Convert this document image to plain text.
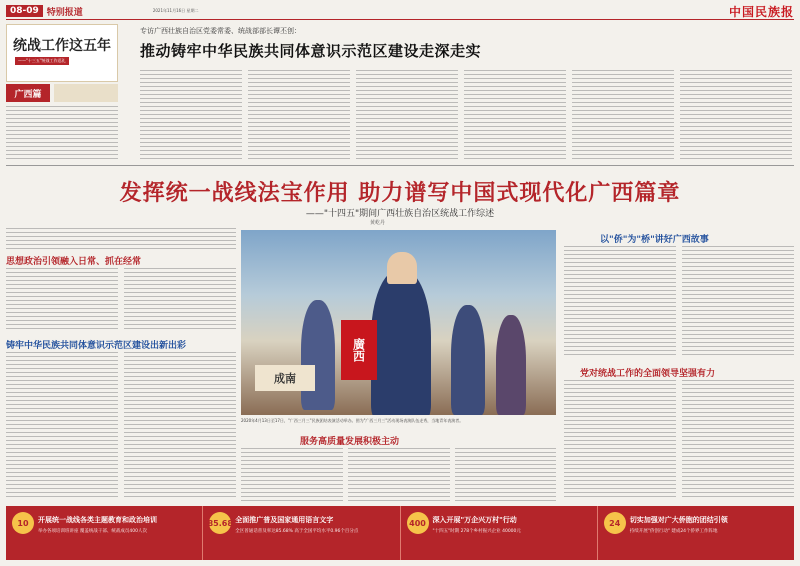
08-09 特别报道	2021年11月16日 星期二	中国民族报
统战工作这五年
——"十三五"统战工作巡礼
广西篇
专访广西壮族自治区党委常委、统战部部长谭丕创：
推动铸牢中华民族共同体意识示范区建设走深走实
发挥统一战线法宝作用 助力谱写中国式现代化广西篇章
——"十四五"期间广西壮族自治区统战工作综述
黄屹丹
思想政治引领融入日常、抓在经常
铸牢中华民族共同体意识示范区建设出新出彩	廣西
成南
2020年4月13日至17日，"广西三月三"民族团结表演活动举办。图为"广西三月三"活动现场表演队伍走秀，当地青年表演者。
服务高质量发展积极主动
以"侨"为"桥"讲好广西故事
党对统战工作的全面领导坚强有力
10	开展统一战线各类主题教育和政治培训
举办各项培训班讲座 覆盖统战干部、统战成员400人次
85.68 全面推广普及国家通用语言文字
全区普通话普及率达85.68% 高于全国平均水平0.96个百分点
400 深入开展"万企兴万村"行动
"十四五"时期 278个乡村振兴企业 40000元
24	切实加强对广大侨胞的团结引领
持续开展"侨创行动" 建成24个侨界工作阵地
